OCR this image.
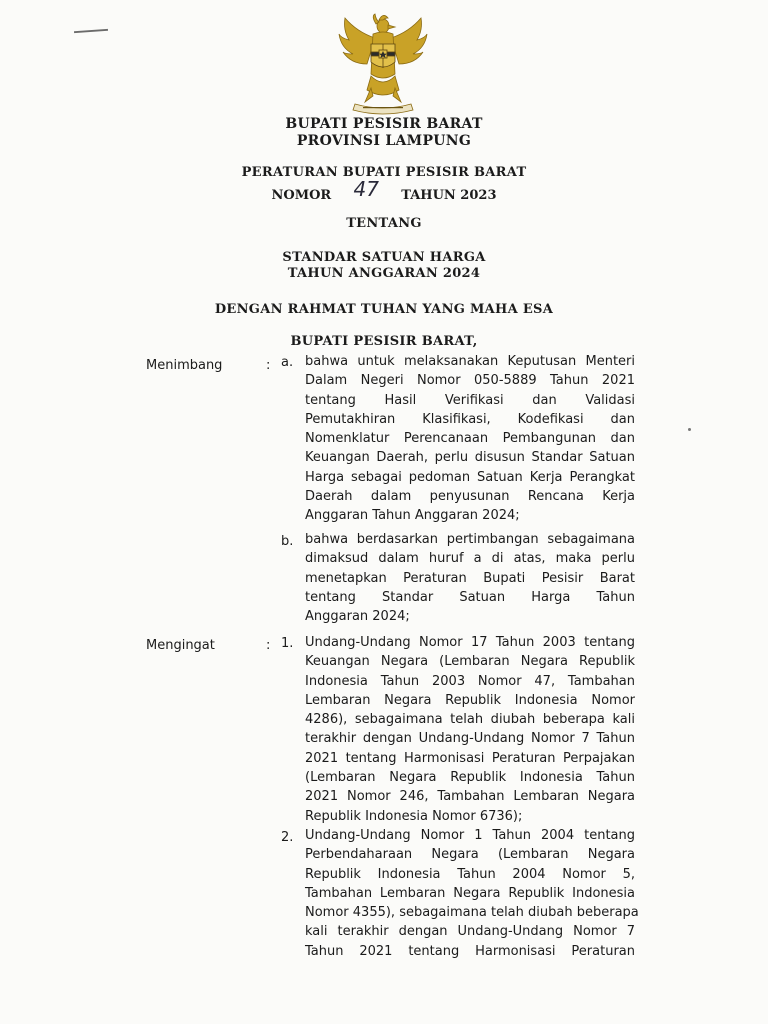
BUPATI PESISIR BARAT
PROVINSI LAMPUNG
PERATURAN BUPATI PESISIR BARAT
NOMOR 47 TAHUN 2023
TENTANG
STANDAR SATUAN HARGA
TAHUN ANGGARAN 2024
DENGAN RAHMAT TUHAN YANG MAHA ESA
BUPATI PESISIR BARAT,
Menimbang	: a. bahwa untuk melaksanakan Keputusan Menteri
Dalam Negeri Nomor 050-5889 Tahun 2021
tentang Hasil Verifikasi dan Validasi
Pemutakhiran Klasifikasi, Kodefikasi dan
Nomenklatur Perencanaan Pembangunan dan
Keuangan Daerah, perlu disusun Standar Satuan
Harga sebagai pedoman Satuan Kerja Perangkat
Daerah dalam penyusunan Rencana Kerja
Anggaran Tahun Anggaran 2024;
b. bahwa berdasarkan pertimbangan sebagaimana
dimaksud dalam huruf a di atas, maka perlu
menetapkan Peraturan Bupati Pesisir Barat
tentang Standar Satuan Harga Tahun
Anggaran 2024;
Mengingat	: 1. Undang-Undang Nomor 17 Tahun 2003 tentang
Keuangan Negara (Lembaran Negara Republik
Indonesia Tahun 2003 Nomor 47, Tambahan
Lembaran Negara Republik Indonesia Nomor
4286), sebagaimana telah diubah beberapa kali
terakhir dengan Undang-Undang Nomor 7 Tahun
2021 tentang Harmonisasi Peraturan Perpajakan
(Lembaran Negara Republik Indonesia Tahun
2021 Nomor 246, Tambahan Lembaran Negara
Republik Indonesia Nomor 6736);
2. Undang-Undang Nomor 1 Tahun 2004 tentang
Perbendaharaan Negara (Lembaran Negara
Republik Indonesia Tahun 2004 Nomor 5,
Tambahan Lembaran Negara Republik Indonesia
Nomor 4355), sebagaimana telah diubah beberapa
kali terakhir dengan Undang-Undang Nomor 7
Tahun 2021 tentang Harmonisasi Peraturan
